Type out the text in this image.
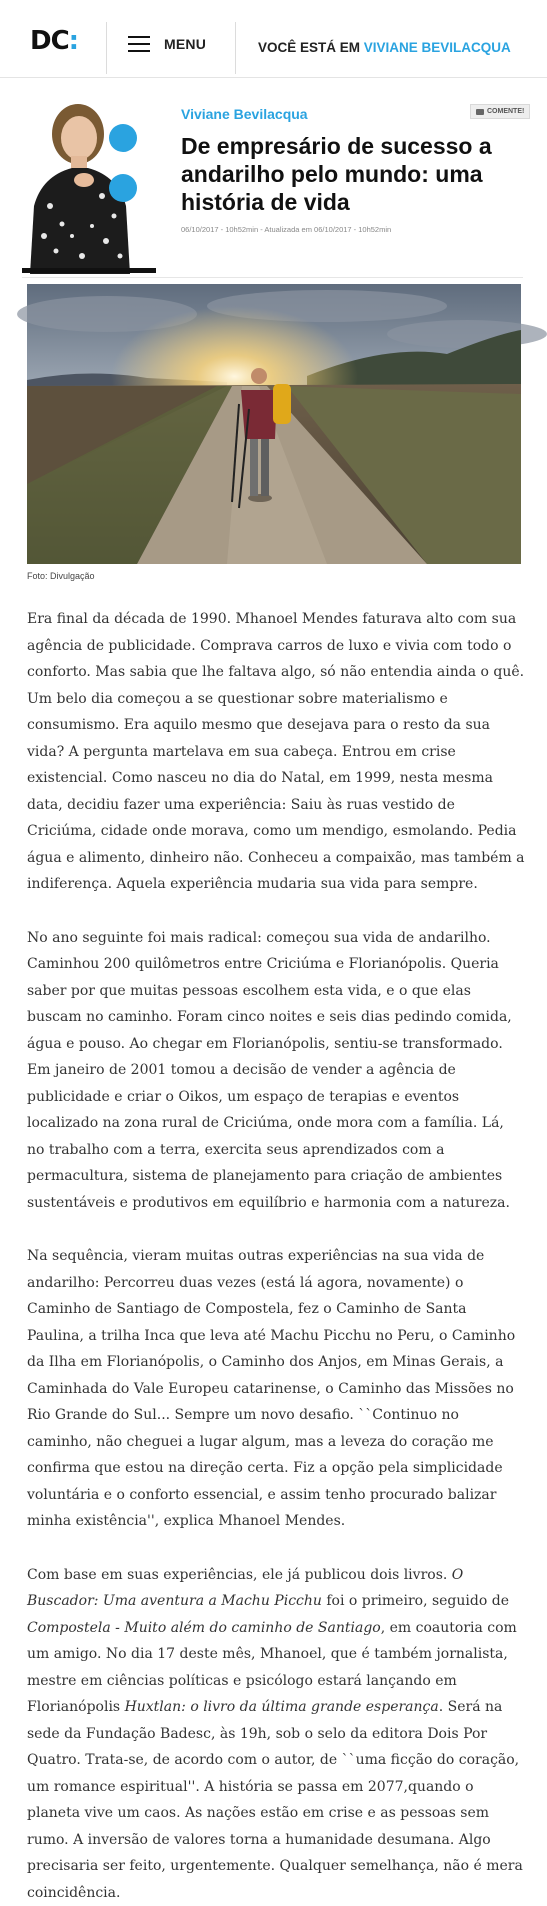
DC:	MENU	VOCÊ ESTÁ EM VIVIANE BEVILACQUA
Viviane Bevilacqua	COMENTE!
De empresário de sucesso a andarilho pelo mundo: uma história de vida
06/10/2017 - 10h52min - Atualizada em 06/10/2017 - 10h52min
Foto: Divulgação

Era final da década de 1990. Mhanoel Mendes faturava alto com sua agência de publicidade. Comprava carros de luxo e vivia com todo o conforto. Mas sabia que lhe faltava algo, só não entendia ainda o quê. Um belo dia começou a se questionar sobre materialismo e consumismo. Era aquilo mesmo que desejava para o resto da sua vida? A pergunta martelava em sua cabeça. Entrou em crise existencial. Como nasceu no dia do Natal, em 1999, nesta mesma data, decidiu fazer uma experiência: Saiu às ruas vestido de Criciúma, cidade onde morava, como um mendigo, esmolando. Pedia água e alimento, dinheiro não. Conheceu a compaixão, mas também a indiferença. Aquela experiência mudaria sua vida para sempre.

No ano seguinte foi mais radical: começou sua vida de andarilho. Caminhou 200 quilômetros entre Criciúma e Florianópolis. Queria saber por que muitas pessoas escolhem esta vida, e o que elas buscam no caminho. Foram cinco noites e seis dias pedindo comida, água e pouso. Ao chegar em Florianópolis, sentiu-se transformado. Em janeiro de 2001 tomou a decisão de vender a agência de publicidade e criar o Oikos, um espaço de terapias e eventos localizado na zona rural de Criciúma, onde mora com a família. Lá, no trabalho com a terra, exercita seus aprendizados com a permacultura, sistema de planejamento para criação de ambientes sustentáveis e produtivos em equilíbrio e harmonia com a natureza.

Na sequência, vieram muitas outras experiências na sua vida de andarilho: Percorreu duas vezes (está lá agora, novamente) o Caminho de Santiago de Compostela, fez o Caminho de Santa Paulina, a trilha Inca que leva até Machu Picchu no Peru, o Caminho da Ilha em Florianópolis, o Caminho dos Anjos, em Minas Gerais, a Caminhada do Vale Europeu catarinense, o Caminho das Missões no Rio Grande do Sul... Sempre um novo desafio. ``Continuo no caminho, não cheguei a lugar algum, mas a leveza do coração me confirma que estou na direção certa. Fiz a opção pela simplicidade voluntária e o conforto essencial, e assim tenho procurado balizar minha existência'', explica Mhanoel Mendes.

Com base em suas experiências, ele já publicou dois livros. O Buscador: Uma aventura a Machu Picchu foi o primeiro, seguido de Compostela - Muito além do caminho de Santiago, em coautoria com um amigo. No dia 17 deste mês, Mhanoel, que é também jornalista, mestre em ciências políticas e psicólogo estará lançando em Florianópolis Huxtlan: o livro da última grande esperança. Será na sede da Fundação Badesc, às 19h, sob o selo da editora Dois Por Quatro. Trata-se, de acordo com o autor, de ``uma ficção do coração, um romance espiritual''. A história se passa em 2077,quando o planeta vive um caos. As nações estão em crise e as pessoas sem rumo. A inversão de valores torna a humanidade desumana. Algo precisaria ser feito, urgentemente. Qualquer semelhança, não é mera coincidência.
